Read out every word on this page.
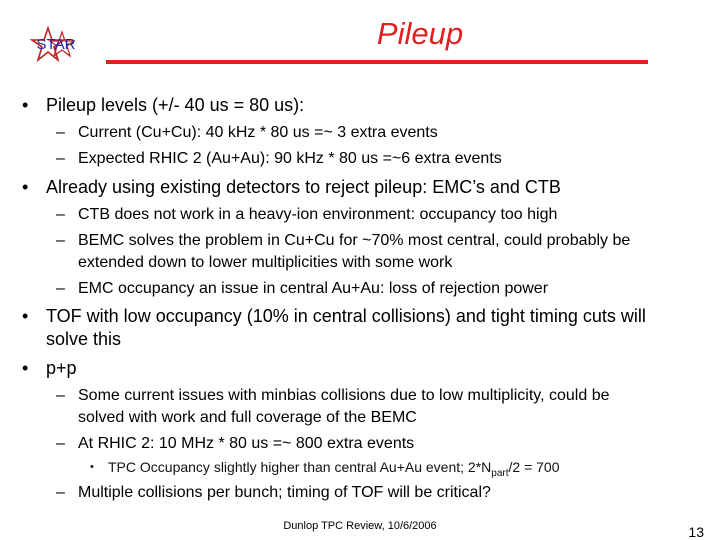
STAR	Pileup
• Pileup levels (+/- 40 us = 80 us):
– Current (Cu+Cu): 40 kHz * 80 us =~ 3 extra events
– Expected RHIC 2 (Au+Au): 90 kHz * 80 us =~6 extra events
• Already using existing detectors to reject pileup: EMC’s and CTB
– CTB does not work in a heavy-ion environment: occupancy too high
– BEMC solves the problem in Cu+Cu for ~70% most central, could probably be extended down to lower multiplicities with some work
– EMC occupancy an issue in central Au+Au: loss of rejection power
• TOF with low occupancy (10% in central collisions) and tight timing cuts will solve this
• p+p
– Some current issues with minbias collisions due to low multiplicity, could be solved with work and full coverage of the BEMC
– At RHIC 2: 10 MHz * 80 us =~ 800 extra events
• TPC Occupancy slightly higher than central Au+Au event; $2*N_{part}/2 = 700$
– Multiple collisions per bunch; timing of TOF will be critical?
Dunlop TPC Review, 10/6/2006	13
